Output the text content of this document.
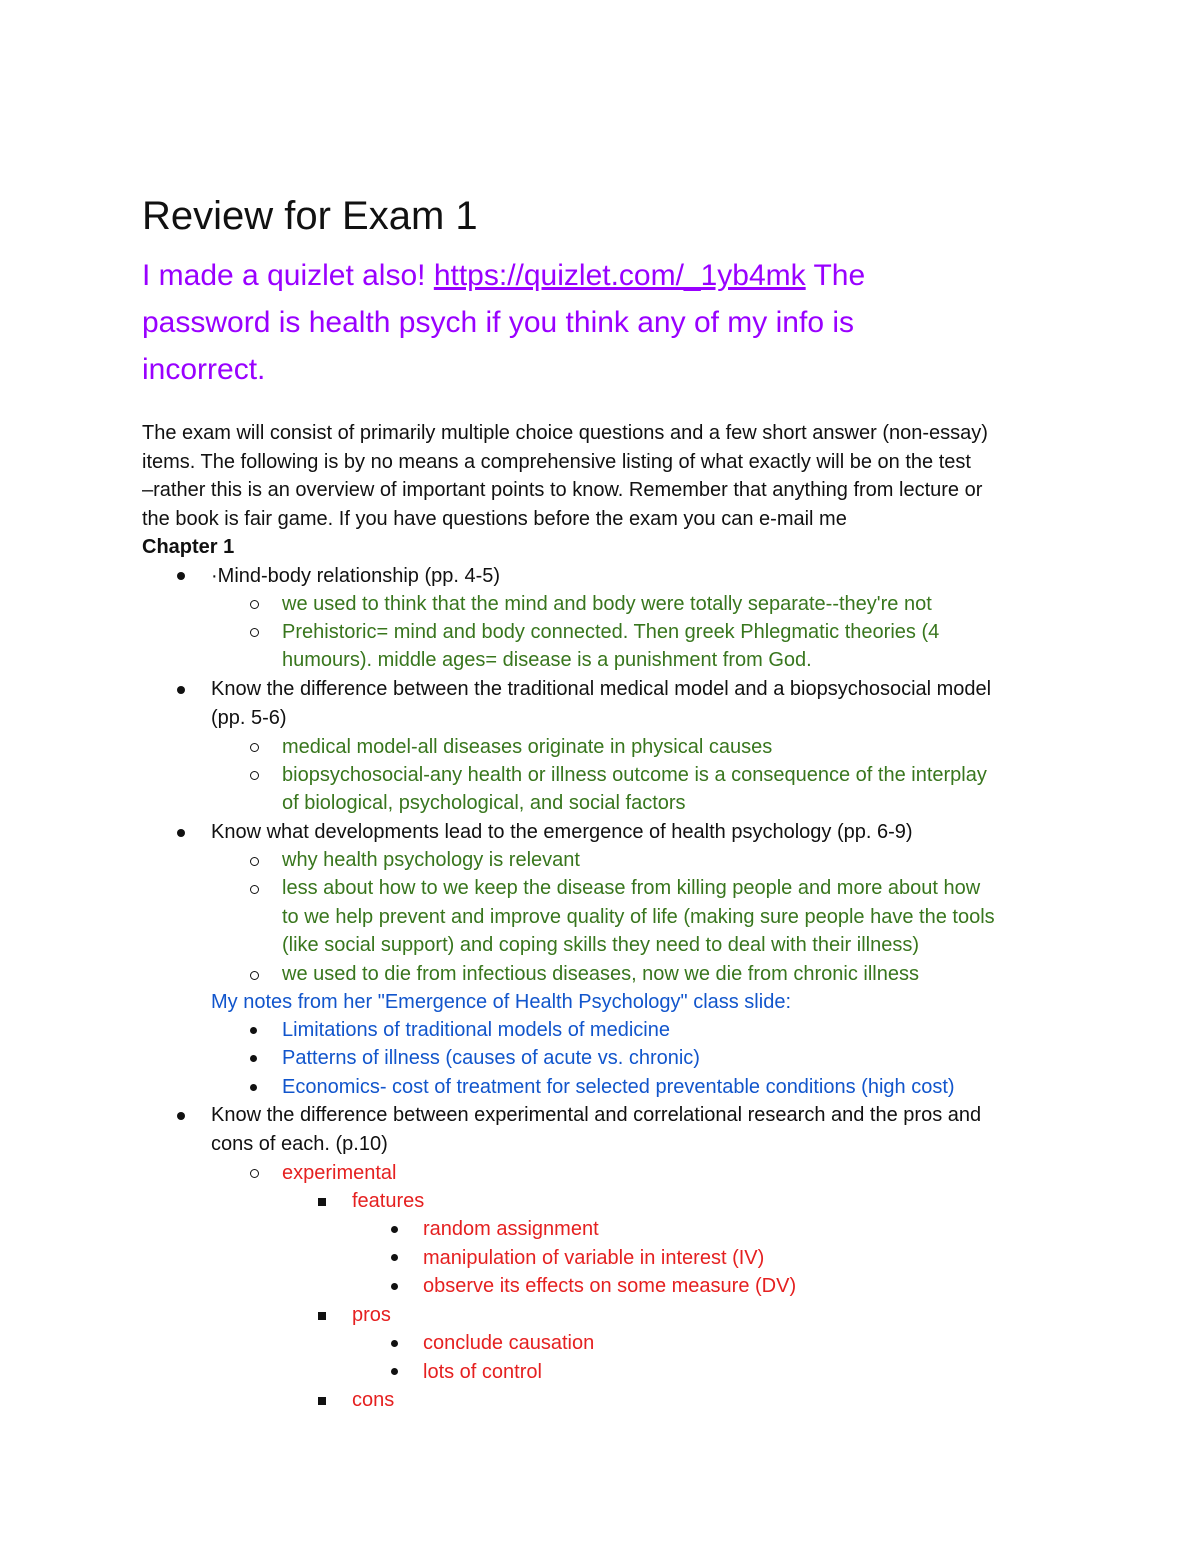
Review for Exam 1
I made a quizlet also! https://quizlet.com/_1yb4mk The
password is health psych if you think any of my info is
incorrect.
The exam will consist of primarily multiple choice questions and a few short answer (non-essay)
items. The following is by no means a comprehensive listing of what exactly will be on the test
–rather this is an overview of important points to know. Remember that anything from lecture or
the book is fair game. If you have questions before the exam you can e-mail me
Chapter 1
·Mind-body relationship (pp. 4-5)
we used to think that the mind and body were totally separate--they're not
Prehistoric= mind and body connected. Then greek Phlegmatic theories (4
humours). middle ages= disease is a punishment from God.
Know the difference between the traditional medical model and a biopsychosocial model
(pp. 5-6)
medical model-all diseases originate in physical causes
biopsychosocial-any health or illness outcome is a consequence of the interplay
of biological, psychological, and social factors
Know what developments lead to the emergence of health psychology (pp. 6-9)
why health psychology is relevant
less about how to we keep the disease from killing people and more about how
to we help prevent and improve quality of life (making sure people have the tools
(like social support) and coping skills they need to deal with their illness)
we used to die from infectious diseases, now we die from chronic illness
My notes from her "Emergence of Health Psychology" class slide:
Limitations of traditional models of medicine
Patterns of illness (causes of acute vs. chronic)
Economics- cost of treatment for selected preventable conditions (high cost)
Know the difference between experimental and correlational research and the pros and
cons of each. (p.10)
experimental
features
random assignment
manipulation of variable in interest (IV)
observe its effects on some measure (DV)
pros
conclude causation
lots of control
cons
